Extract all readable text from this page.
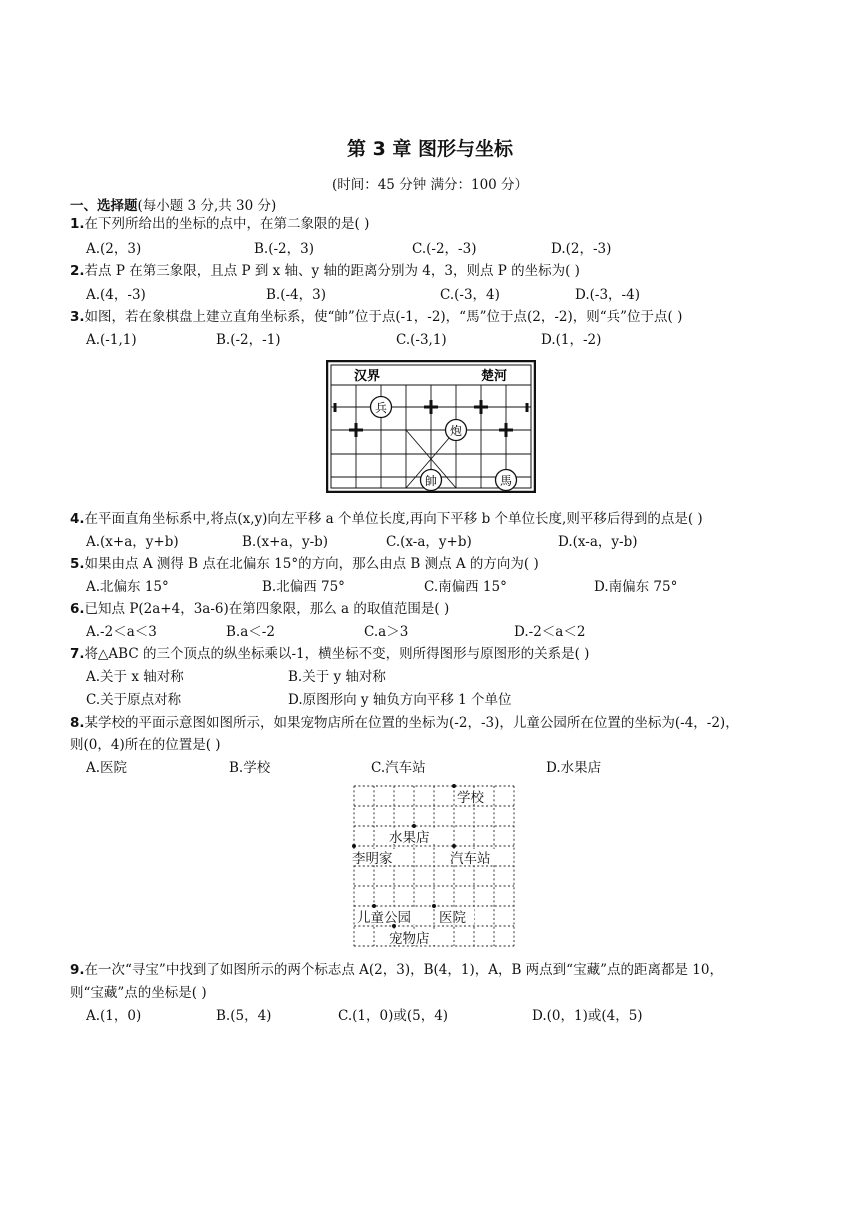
第 3 章 图形与坐标
(时间：45 分钟 满分：100 分）
一、选择题(每小题 3 分,共 30 分)
1.在下列所给出的坐标的点中，在第二象限的是( )
A.(2，3)	B.(-2，3)	C.(-2，-3)	D.(2，-3)
2.若点 P 在第三象限，且点 P 到 x 轴、y 轴的距离分别为 4，3，则点 P 的坐标为( )
A.(4，-3)	B.(-4，3)	C.(-3，4)	D.(-3，-4)
3.如图，若在象棋盘上建立直角坐标系，使“帥”位于点(-1，-2)，“馬”位于点(2，-2)，则“兵”位于点( )
A.(-1,1)	B.(-2，-1)	C.(-3,1)	D.(1，-2)
汉界	楚河
兵
炮
帥	馬
4.在平面直角坐标系中,将点(x,y)向左平移 a 个单位长度,再向下平移 b 个单位长度,则平移后得到的点是( )
A.(x+a，y+b)	B.(x+a，y-b)	C.(x-a，y+b)	D.(x-a，y-b)
5.如果由点 A 测得 B 点在北偏东 15°的方向，那么由点 B 测点 A 的方向为( )
A.北偏东 15°	B.北偏西 75°	C.南偏西 15°	D.南偏东 75°
6.已知点 P(2a+4，3a-6)在第四象限，那么 a 的取值范围是( )
A.-2＜a＜3	B.a＜-2	C.a＞3	D.-2＜a＜2
7.将△ABC 的三个顶点的纵坐标乘以-1，横坐标不变，则所得图形与原图形的关系是( )
A.关于 x 轴对称	B.关于 y 轴对称
C.关于原点对称	D.原图形向 y 轴负方向平移 1 个单位
8.某学校的平面示意图如图所示，如果宠物店所在位置的坐标为(-2，-3)，儿童公园所在位置的坐标为(-4，-2)，
则(0，4)所在的位置是( )
A.医院	B.学校	C.汽车站	D.水果店
学校
水果店
李明家	汽车站
儿童公园 医院
宠物店
9.在一次“寻宝”中找到了如图所示的两个标志点 A(2，3)，B(4，1)，A，B 两点到“宝藏”点的距离都是 10，
则“宝藏”点的坐标是( )
A.(1，0)	B.(5，4)	C.(1，0)或(5，4)	D.(0，1)或(4，5)
